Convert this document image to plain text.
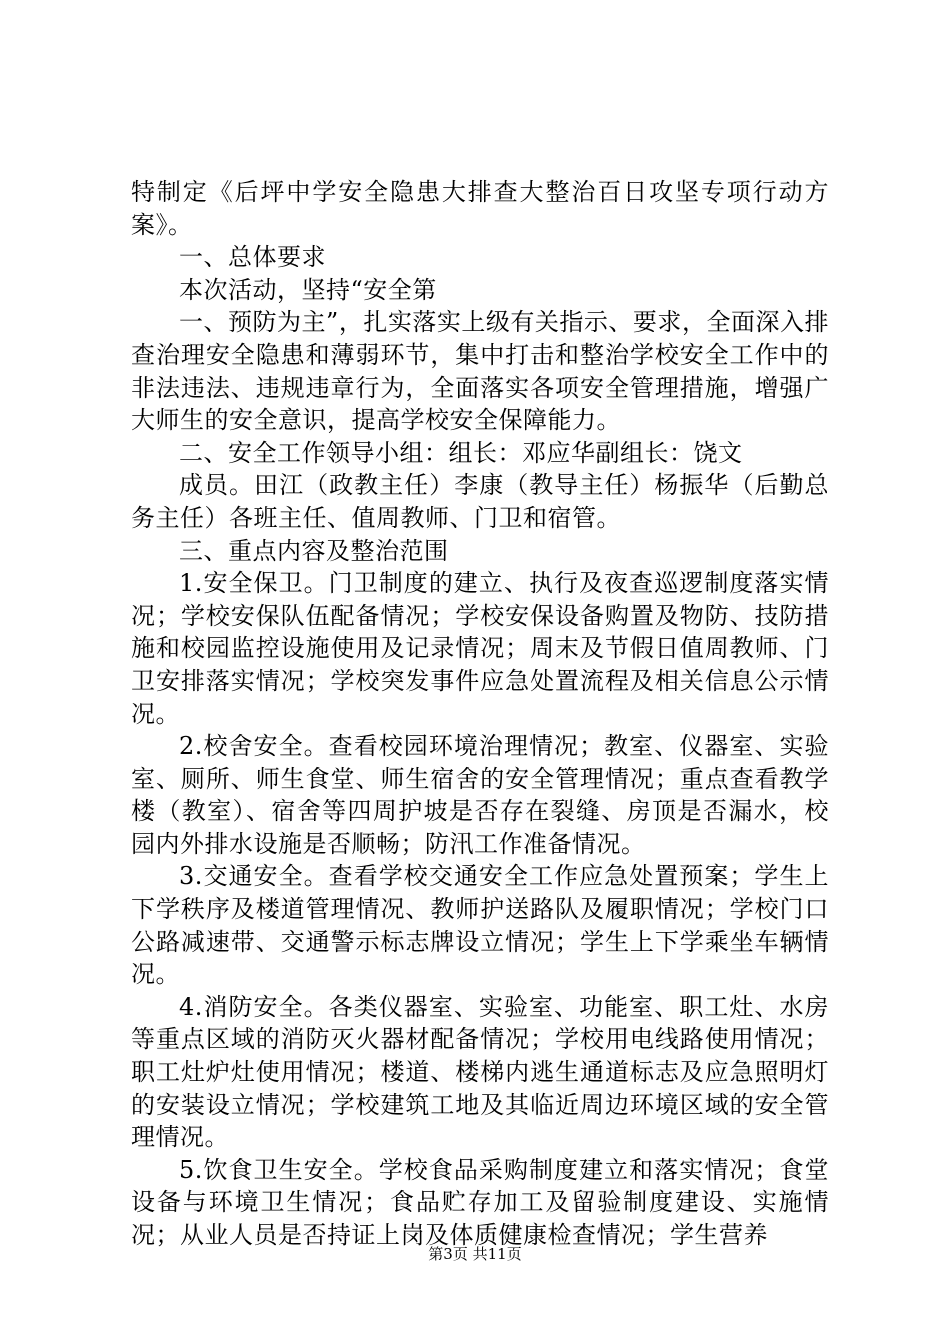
特制定《后坪中学安全隐患大排查大整治百日攻坚专项行动方案》。

一、总体要求

本次活动，坚持“安全第

一、预防为主”，扎实落实上级有关指示、要求，全面深入排查治理安全隐患和薄弱环节，集中打击和整治学校安全工作中的非法违法、违规违章行为，全面落实各项安全管理措施，增强广大师生的安全意识，提高学校安全保障能力。

二、安全工作领导小组：组长：邓应华副组长：饶文

成员。田江（政教主任）李康（教导主任）杨振华（后勤总务主任）各班主任、值周教师、门卫和宿管。

三、重点内容及整治范围

1.安全保卫。门卫制度的建立、执行及夜查巡逻制度落实情况；学校安保队伍配备情况；学校安保设备购置及物防、技防措施和校园监控设施使用及记录情况；周末及节假日值周教师、门卫安排落实情况；学校突发事件应急处置流程及相关信息公示情况。

2.校舍安全。查看校园环境治理情况；教室、仪器室、实验室、厕所、师生食堂、师生宿舍的安全管理情况；重点查看教学楼（教室）、宿舍等四周护坡是否存在裂缝、房顶是否漏水，校园内外排水设施是否顺畅；防汛工作准备情况。

3.交通安全。查看学校交通安全工作应急处置预案；学生上下学秩序及楼道管理情况、教师护送路队及履职情况；学校门口公路减速带、交通警示标志牌设立情况；学生上下学乘坐车辆情况。

4.消防安全。各类仪器室、实验室、功能室、职工灶、水房等重点区域的消防灭火器材配备情况；学校用电线路使用情况；职工灶炉灶使用情况；楼道、楼梯内逃生通道标志及应急照明灯的安装设立情况；学校建筑工地及其临近周边环境区域的安全管理情况。

5.饮食卫生安全。学校食品采购制度建立和落实情况；食堂设备与环境卫生情况；食品贮存加工及留验制度建设、实施情况；从业人员是否持证上岗及体质健康检查情况；学生营养

第3页 共11页
